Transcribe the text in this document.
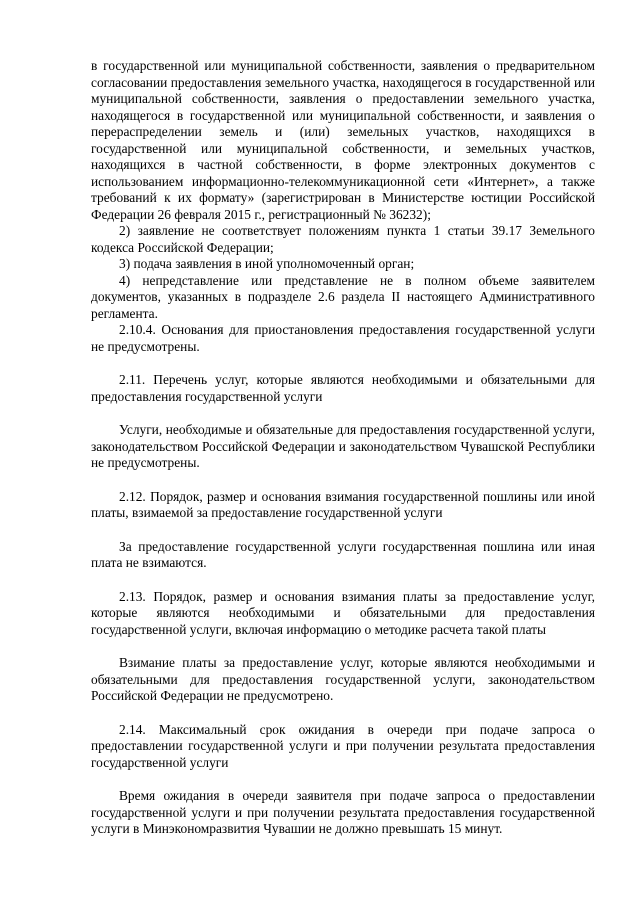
в государственной или муниципальной собственности, заявления о предварительном согласовании предоставления земельного участка, находящегося в государственной или муниципальной собственности, заявления о предоставлении земельного участка, находящегося в государственной или муниципальной собственности, и заявления о перераспределении земель и (или) земельных участков, находящихся в государственной или муниципальной собственности, и земельных участков, находящихся в частной собственности, в форме электронных документов с использованием информационно-телекоммуникационной сети «Интернет», а также требований к их формату» (зарегистрирован в Министерстве юстиции Российской Федерации 26 февраля 2015 г., регистрационный № 36232);

2) заявление не соответствует положениям пункта 1 статьи 39.17 Земельного кодекса Российской Федерации;

3) подача заявления в иной уполномоченный орган;

4) непредставление или представление не в полном объеме заявителем документов, указанных в подразделе 2.6 раздела II настоящего Административного регламента.

2.10.4. Основания для приостановления предоставления государственной услуги не предусмотрены.

2.11. Перечень услуг, которые являются необходимыми и обязательными для предоставления государственной услуги

Услуги, необходимые и обязательные для предоставления государственной услуги, законодательством Российской Федерации и законодательством Чувашской Республики не предусмотрены.

2.12. Порядок, размер и основания взимания государственной пошлины или иной платы, взимаемой за предоставление государственной услуги

За предоставление государственной услуги государственная пошлина или иная плата не взимаются.

2.13. Порядок, размер и основания взимания платы за предоставление услуг, которые являются необходимыми и обязательными для предоставления государственной услуги, включая информацию о методике расчета такой платы

Взимание платы за предоставление услуг, которые являются необходимыми и обязательными для предоставления государственной услуги, законодательством Российской Федерации не предусмотрено.

2.14. Максимальный срок ожидания в очереди при подаче запроса о предоставлении государственной услуги и при получении результата предоставления государственной услуги

Время ожидания в очереди заявителя при подаче запроса о предоставлении государственной услуги и при получении результата предоставления государственной услуги в Минэкономразвития Чувашии не должно превышать 15 минут.
